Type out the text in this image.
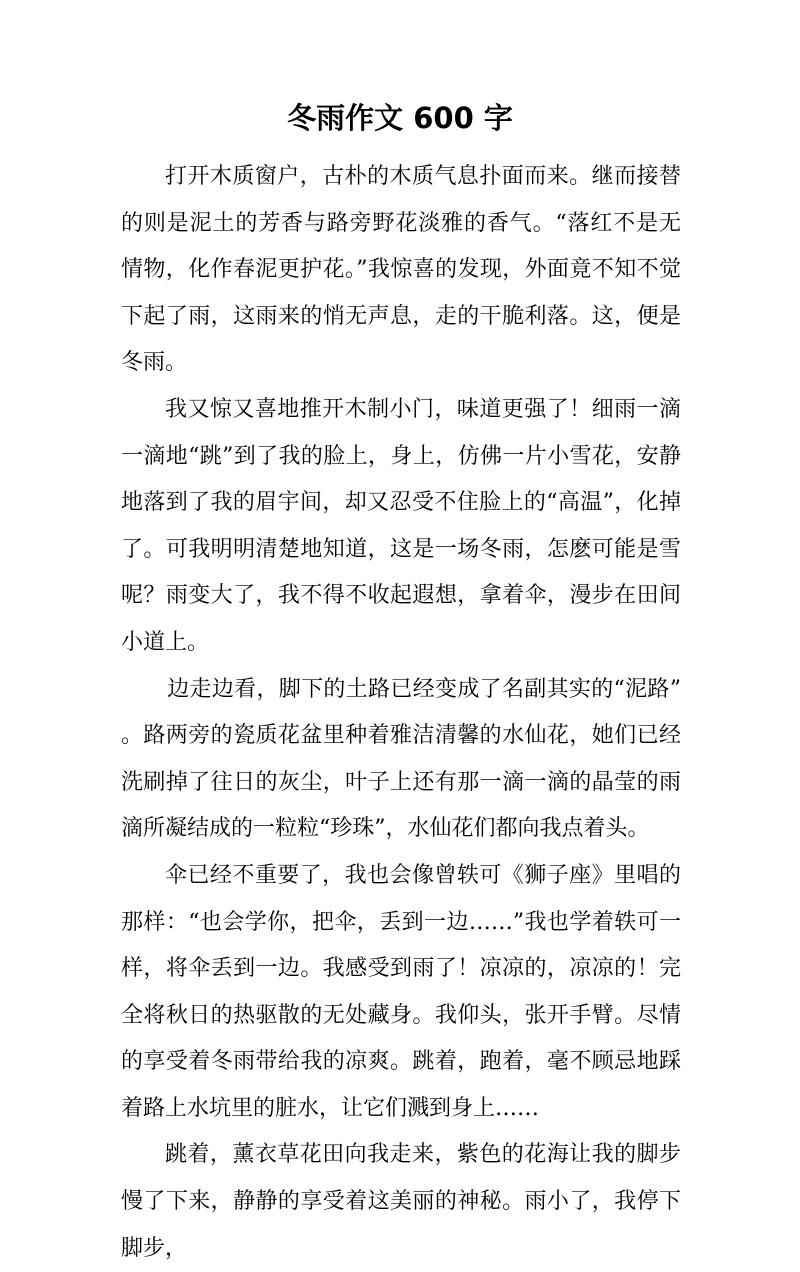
冬雨作文 600 字

打开木质窗户，古朴的木质气息扑面而来。继而接替的则是泥土的芳香与路旁野花淡雅的香气。“落红不是无情物，化作春泥更护花。”我惊喜的发现，外面竟不知不觉下起了雨，这雨来的悄无声息，走的干脆利落。这，便是冬雨。

我又惊又喜地推开木制小门，味道更强了！细雨一滴一滴地“跳”到了我的脸上，身上，仿佛一片小雪花，安静地落到了我的眉宇间，却又忍受不住脸上的“高温”，化掉了。可我明明清楚地知道，这是一场冬雨，怎麽可能是雪呢？雨变大了，我不得不收起遐想，拿着伞，漫步在田间小道上。

边走边看，脚下的土路已经变成了名副其实的“泥路”。路两旁的瓷质花盆里种着雅洁清馨的水仙花，她们已经洗刷掉了往日的灰尘，叶子上还有那一滴一滴的晶莹的雨滴所凝结成的一粒粒“珍珠”，水仙花们都向我点着头。

伞已经不重要了，我也会像曾轶可《狮子座》里唱的那样：“也会学你，把伞，丢到一边……”我也学着轶可一样，将伞丢到一边。我感受到雨了！凉凉的，凉凉的！完全将秋日的热驱散的无处藏身。我仰头，张开手臂。尽情的享受着冬雨带给我的凉爽。跳着，跑着，毫不顾忌地踩着路上水坑里的脏水，让它们溅到身上……

跳着，薰衣草花田向我走来，紫色的花海让我的脚步慢了下来，静静的享受着这美丽的神秘。雨小了，我停下脚步，
